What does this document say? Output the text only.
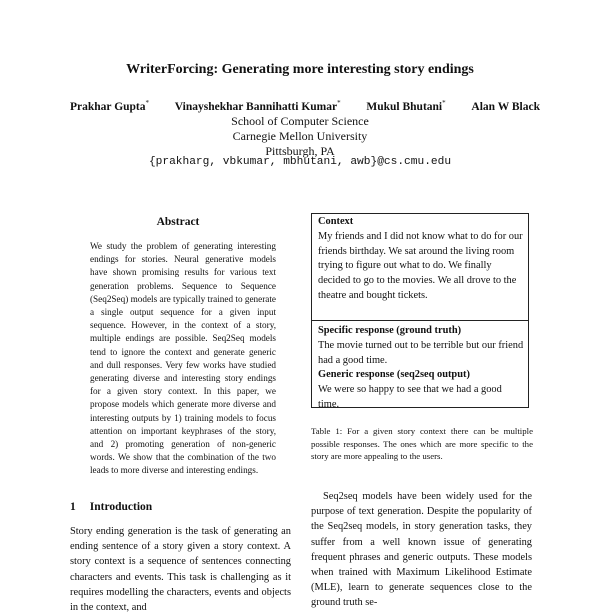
WriterForcing: Generating more interesting story endings
Prakhar Gupta* Vinayshekhar Bannihatti Kumar* Mukul Bhutani* Alan W Black
School of Computer Science
Carnegie Mellon University
Pittsburgh, PA
{prakharg, vbkumar, mbhutani, awb}@cs.cmu.edu
Abstract
We study the problem of generating interesting endings for stories. Neural generative models have shown promising results for various text generation problems. Sequence to Sequence (Seq2Seq) models are typically trained to generate a single output sequence for a given input sequence. However, in the context of a story, multiple endings are possible. Seq2Seq models tend to ignore the context and generate generic and dull responses. Very few works have studied generating diverse and interesting story endings for a given story context. In this paper, we propose models which generate more diverse and interesting outputs by 1) training models to focus attention on important keyphrases of the story, and 2) promoting generation of non-generic words. We show that the combination of the two leads to more diverse and interesting endings.
1 Introduction
Story ending generation is the task of generating an ending sentence of a story given a story context. A story context is a sequence of sentences connecting characters and events. This task is challenging as it requires modelling the characters, events and objects in the context, and
Context
My friends and I did not know what to do for our friends birthday. We sat around the living room trying to figure out what to do. We finally decided to go to the movies. We all drove to the theatre and bought tickets.
Specific response (ground truth)
The movie turned out to be terrible but our friend had a good time.
Generic response (seq2seq output)
We were so happy to see that we had a good time.
Table 1: For a given story context there can be multiple possible responses. The ones which are more specific to the story are more appealing to the users.
Seq2seq models have been widely used for the purpose of text generation. Despite the popularity of the Seq2seq models, in story generation tasks, they suffer from a well known issue of generating frequent phrases and generic outputs. These models when trained with Maximum Likelihood Estimate (MLE), learn to generate sequences close to the ground truth se-
